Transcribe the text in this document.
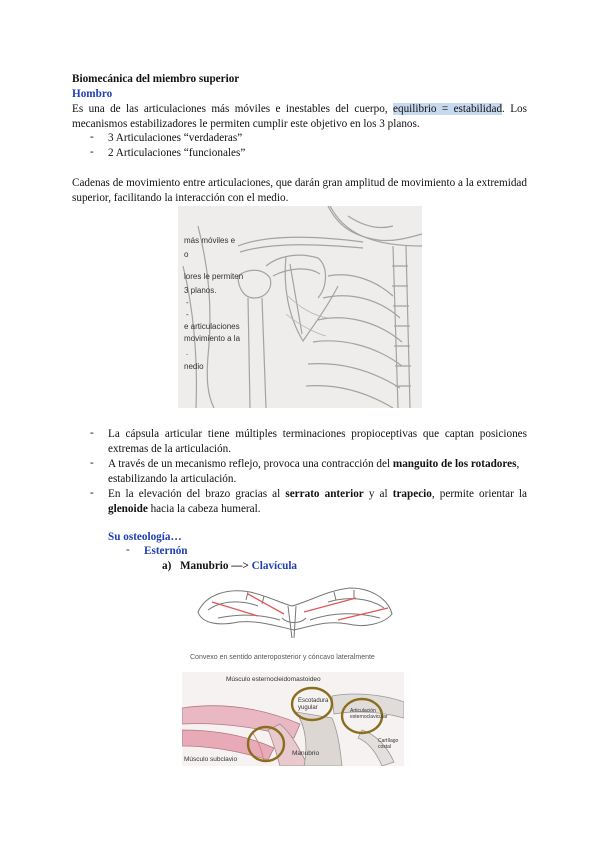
Biomecánica del miembro superior
Hombro
Es una de las articulaciones más móviles e inestables del cuerpo, equilibrio = estabilidad. Los
mecanismos estabilizadores le permiten cumplir este objetivo en los 3 planos.
- 3 Articulaciones “verdaderas”
- 2 Articulaciones “funcionales”
Cadenas de movimiento entre articulaciones, que darán gran amplitud de movimiento a la extremidad
superior, facilitando la interacción con el medio.
más móviles e
o
lores le permiten
3 planos.
-
-
e articulaciones
movimiento a la
.
nedio
- La cápsula articular tiene múltiples terminaciones propioceptivas que captan posiciones
extremas de la articulación.
- A través de un mecanismo reflejo, provoca una contracción del manguito de los rotadores,
estabilizando la articulación.
- En la elevación del brazo gracias al serrato anterior y al trapecio, permite orientar la
glenoide hacia la cabeza humeral.
Su osteología…
- Esternón
a) Manubrio —> Clavícula
Convexo en sentido anteroposterior y cóncavo lateralmente
Músculo esternocleidomastoideo
Escotadura yugular	Articulación esternoclavicular
Manubrio
Músculo subclavio
Cartílago costal
